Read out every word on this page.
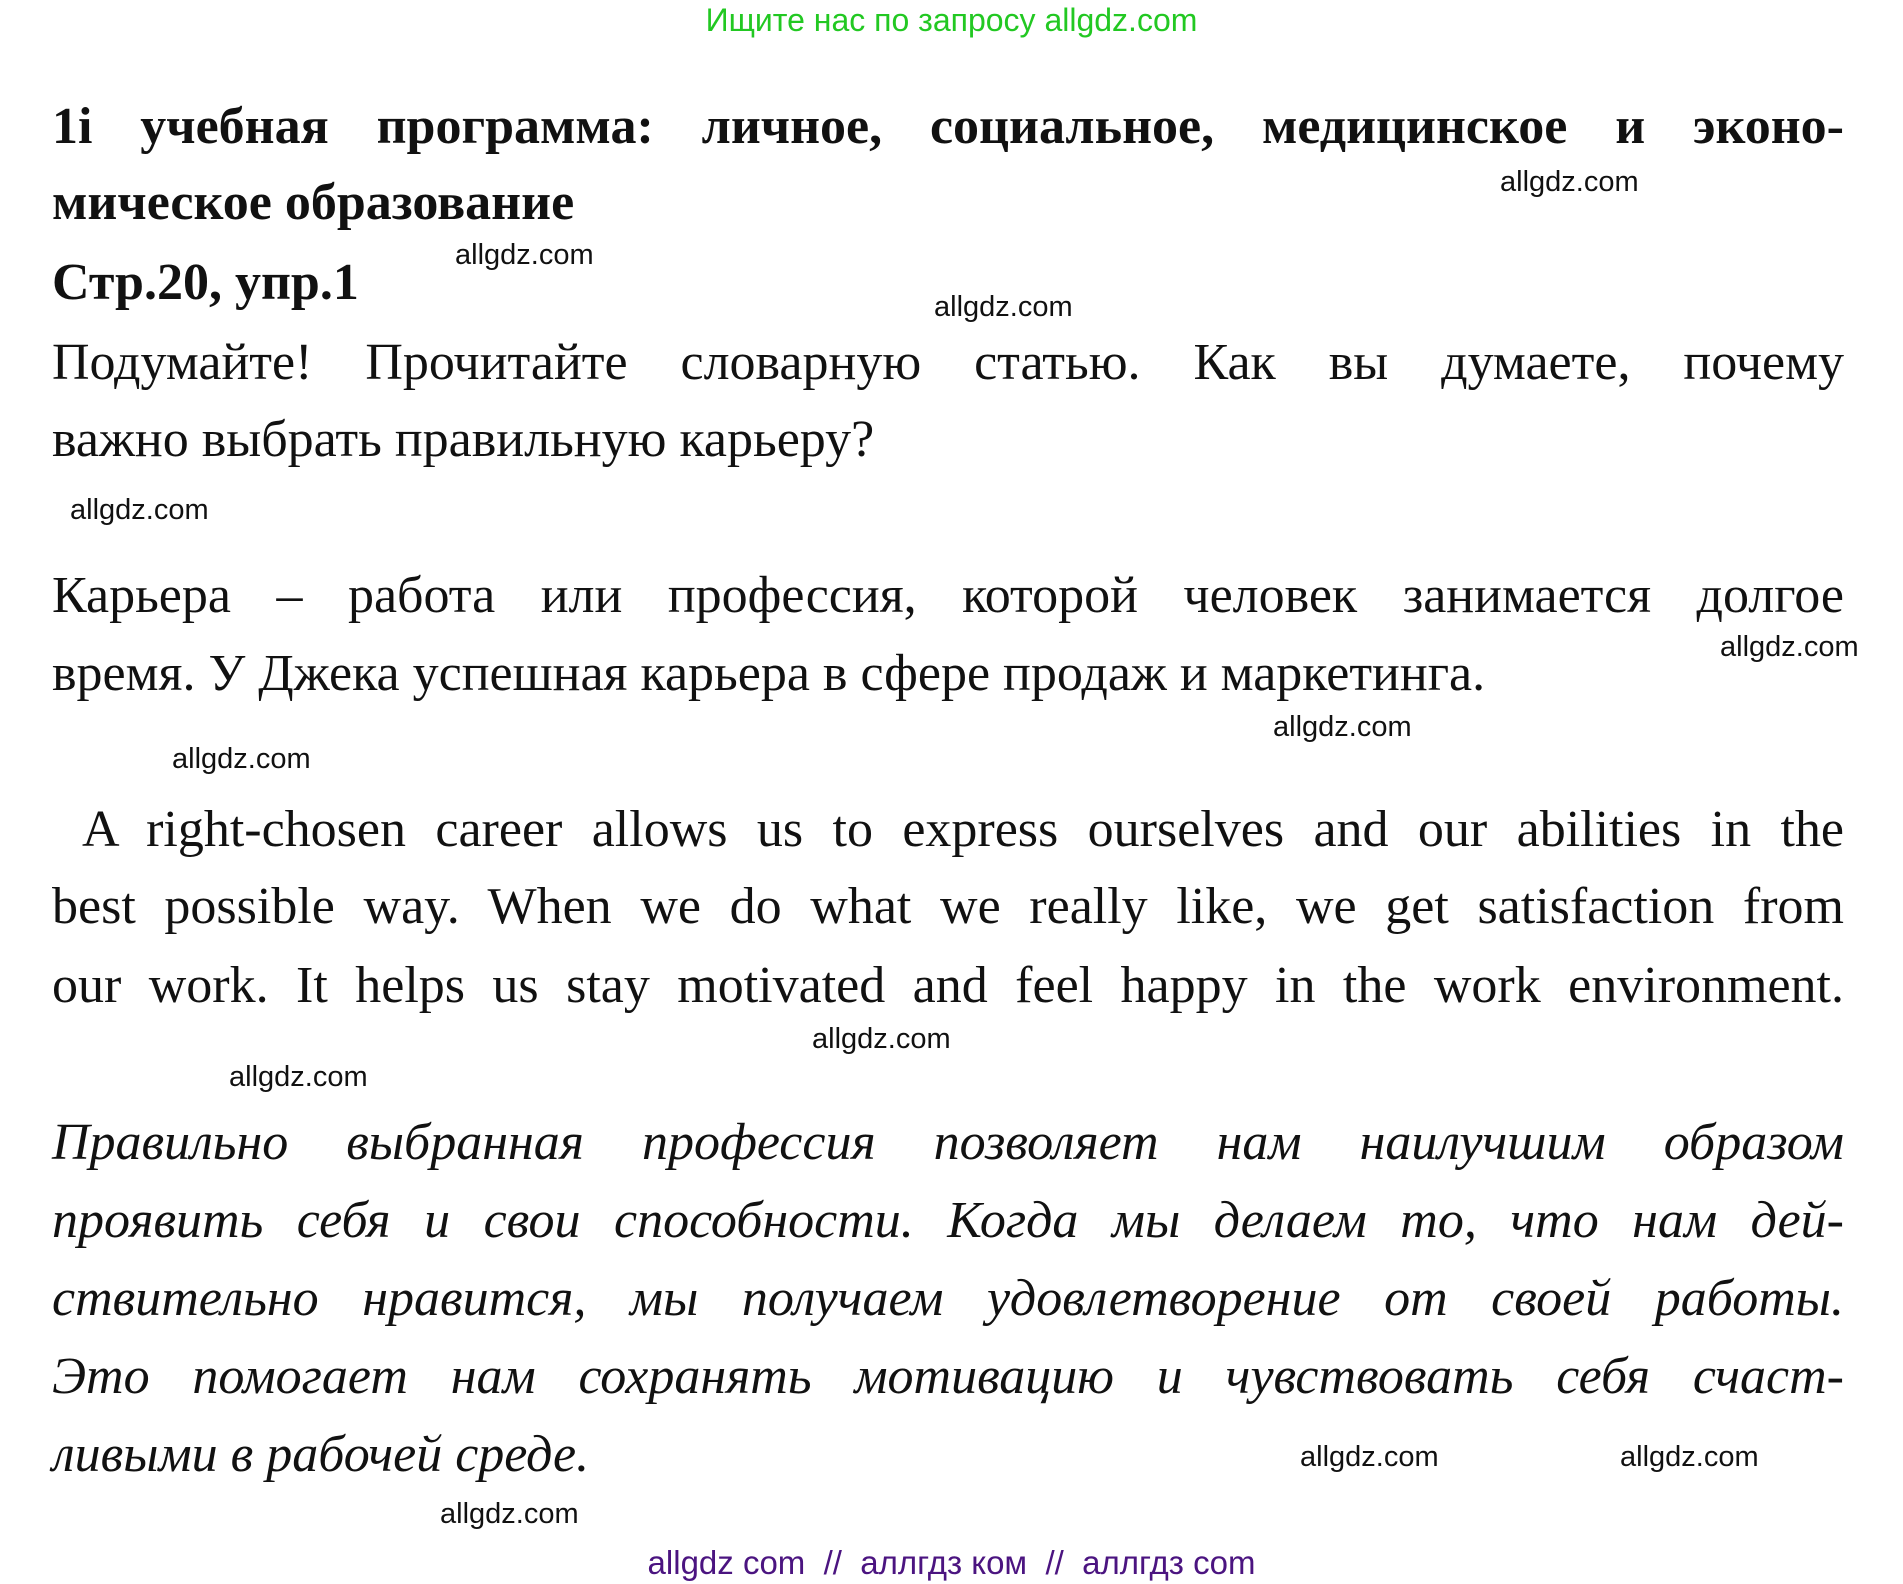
Ищите нас по запросу allgdz.com
1i учебная программа: личное, социальное, медицинское и эконо-
мическое образование
Стр.20, упр.1
Подумайте! Прочитайте словарную статью. Как вы думаете, почему
важно выбрать правильную карьеру?
Карьера – работа или профессия, которой человек занимается долгое
время. У Джека успешная карьера в сфере продаж и маркетинга.
A right-chosen career allows us to express ourselves and our abilities in the
best possible way. When we do what we really like, we get satisfaction from
our work. It helps us stay motivated and feel happy in the work environment.
Правильно выбранная профессия позволяет нам наилучшим образом
проявить себя и свои способности. Когда мы делаем то, что нам дей-
ствительно нравится, мы получаем удовлетворение от своей работы.
Это помогает нам сохранять мотивацию и чувствовать себя счаст-
ливыми в рабочей среде.
allgdz.com
allgdz.com
allgdz.com
allgdz.com
allgdz.com
allgdz.com
allgdz.com
allgdz.com
allgdz.com
allgdz.com
allgdz.com
allgdz.com
allgdz com  //  аллгдз ком  //  аллгдз com
